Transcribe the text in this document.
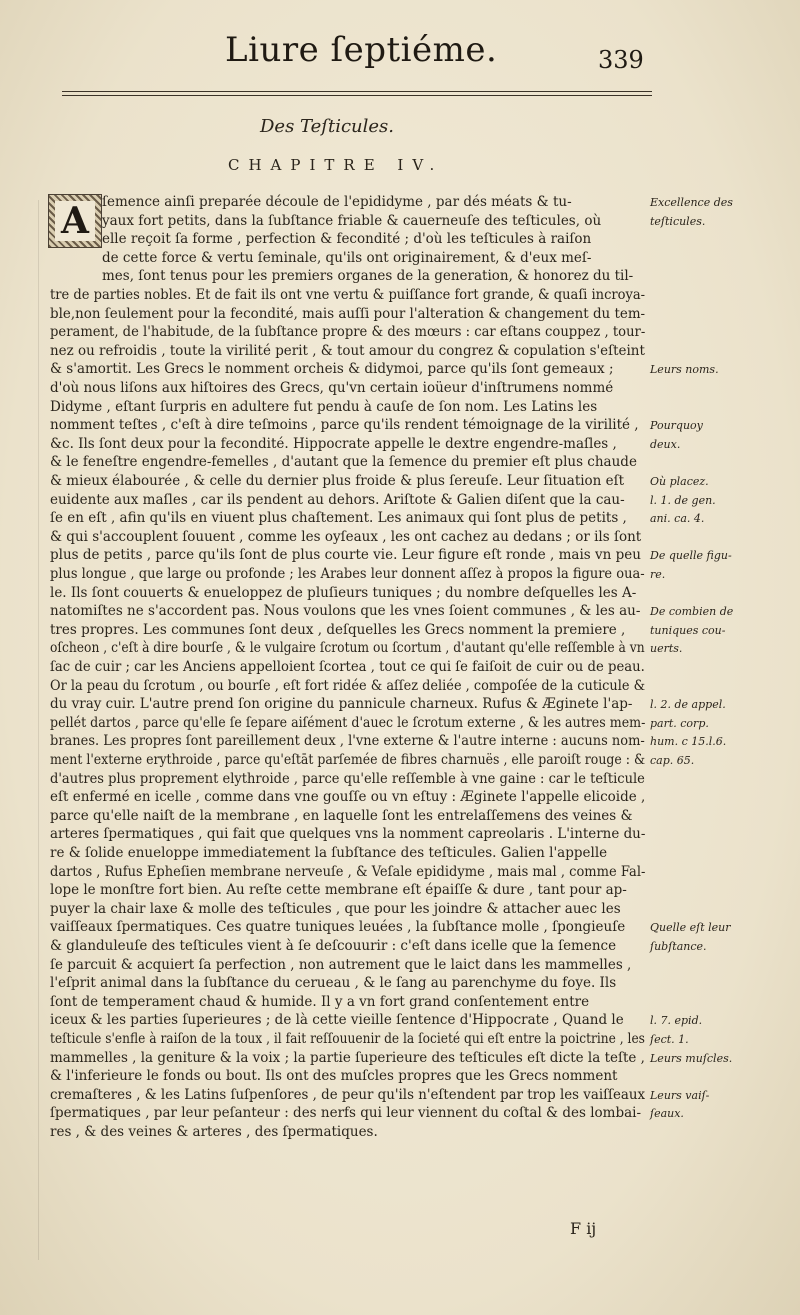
Liure ſeptiéme.	339
Des Teſticules.
CHAPITRE IV.
A ſemence ainſi preparée découle de l'epididyme , par dés méats & tu-
yaux fort petits, dans la ſubſtance friable & cauerneuſe des teſticules, où
elle reçoit ſa forme , perfection & fecondité ; d'où les teſticules à raiſon
de cette force & vertu ſeminale, qu'ils ont originairement, & d'eux meſ-
mes, ſont tenus pour les premiers organes de la generation, & honorez du til-
tre de parties nobles. Et de fait ils ont vne vertu & puiſſance fort grande, & quaſi incroya-
ble,non ſeulement pour la fecondité, mais auſſi pour l'alteration & changement du tem-
perament, de l'habitude, de la ſubſtance propre & des mœurs : car eſtans couppez , tour-
nez ou refroidis , toute la virilité perit , & tout amour du congrez & copulation s'eſteint
& s'amortit. Les Grecs le nomment orcheis & didymoi, parce qu'ils ſont gemeaux ;
d'où nous liſons aux hiſtoires des Grecs, qu'vn certain ioüeur d'inſtrumens nommé
Didyme , eſtant ſurpris en adultere fut pendu à cauſe de ſon nom. Les Latins les
nomment teſtes , c'eſt à dire teſmoins , parce qu'ils rendent témoignage de la virilité ,
&c. Ils ſont deux pour la fecondité. Hippocrate appelle le dextre engendre-maſles ,
& le feneſtre engendre-femelles , d'autant que la ſemence du premier eſt plus chaude
& mieux élabourée , & celle du dernier plus froide & plus ſereuſe. Leur ſituation eſt
euidente aux maſles , car ils pendent au dehors. Ariſtote & Galien diſent que la cau-
ſe en eſt , afin qu'ils en viuent plus chaſtement. Les animaux qui ſont plus de petits ,
& qui s'accouplent ſouuent , comme les oyſeaux , les ont cachez au dedans ; or ils ſont
plus de petits , parce qu'ils ſont de plus courte vie. Leur figure eſt ronde , mais vn peu
plus longue , que large ou profonde ; les Arabes leur donnent aſſez à propos la figure oua-
le. Ils ſont couuerts & enueloppez de pluſieurs tuniques ; du nombre deſquelles les A-
natomiſtes ne s'accordent pas. Nous voulons que les vnes ſoient communes , & les au-
tres propres. Les communes ſont deux , deſquelles les Grecs nomment la premiere ,
oſcheon , c'eſt à dire bourſe , & le vulgaire ſcrotum ou ſcortum , d'autant qu'elle reſſemble à vn
ſac de cuir ; car les Anciens appelloient ſcortea , tout ce qui ſe faiſoit de cuir ou de peau.
Or la peau du ſcrotum , ou bourſe , eſt fort ridée & aſſez deliée , compoſée de la cuticule &
du vray cuir. L'autre prend ſon origine du pannicule charneux. Rufus & Æginete l'ap-
pellét dartos , parce qu'elle ſe ſepare aiſément d'auec le ſcrotum externe , & les autres mem-
branes. Les propres ſont pareillement deux , l'vne externe & l'autre interne : aucuns nom-
ment l'externe erythroide , parce qu'eſtāt parſemée de fibres charnuës , elle paroiſt rouge : &
d'autres plus proprement elythroide , parce qu'elle reſſemble à vne gaine : car le teſticule
eſt enfermé en icelle , comme dans vne gouſſe ou vn eſtuy : Æginete l'appelle elicoide ,
parce qu'elle naiſt de la membrane , en laquelle ſont les entrelaſſemens des veines &
arteres ſpermatiques , qui fait que quelques vns la nomment capreolaris . L'interne du-
re & ſolide enueloppe immediatement la ſubſtance des teſticules. Galien l'appelle
dartos , Rufus Epheſien membrane nerveuſe , & Veſale epididyme , mais mal , comme Fal-
lope le monſtre fort bien. Au reſte cette membrane eſt épaiſſe & dure , tant pour ap-
puyer la chair laxe & molle des teſticules , que pour les joindre & attacher auec les
vaiſſeaux ſpermatiques. Ces quatre tuniques leuées , la ſubſtance molle , ſpongieuſe
& glanduleuſe des teſticules vient à ſe deſcouurir : c'eſt dans icelle que la ſemence
ſe parcuit & acquiert ſa perfection , non autrement que le laict dans les mammelles ,
l'eſprit animal dans la ſubſtance du cerueau , & le ſang au parenchyme du foye. Ils
ſont de temperament chaud & humide. Il y a vn fort grand conſentement entre
iceux & les parties ſuperieures ; de là cette vieille ſentence d'Hippocrate , Quand le
teſticule s'enfle à raiſon de la toux , il fait reſſouuenir de la ſocieté qui eſt entre la poictrine , les
mammelles , la geniture & la voix ; la partie ſuperieure des teſticules eſt dicte la teſte ,
& l'inferieure le fonds ou bout. Ils ont des muſcles propres que les Grecs nomment
cremaſteres , & les Latins ſuſpenſores , de peur qu'ils n'eſtendent par trop les vaiſſeaux
ſpermatiques , par leur peſanteur : des nerfs qui leur viennent du coſtal & des lombai-
res , & des veines & arteres , des ſpermatiques.
Excellence des
teſticules.
Leurs noms.
Pourquoy
deux.
Où placez.
l. 1. de gen.
ani. ca. 4.
De quelle figu-
re.
De combien de
tuniques cou-
uerts.
l. 2. de appel.
part. corp.
hum. c 15.l.6.
cap. 65.
Quelle eſt leur
ſubſtance.
l. 7. epid.
ſect. 1.
Leurs muſcles.
Leurs vaiſ-
ſeaux.
F ij
